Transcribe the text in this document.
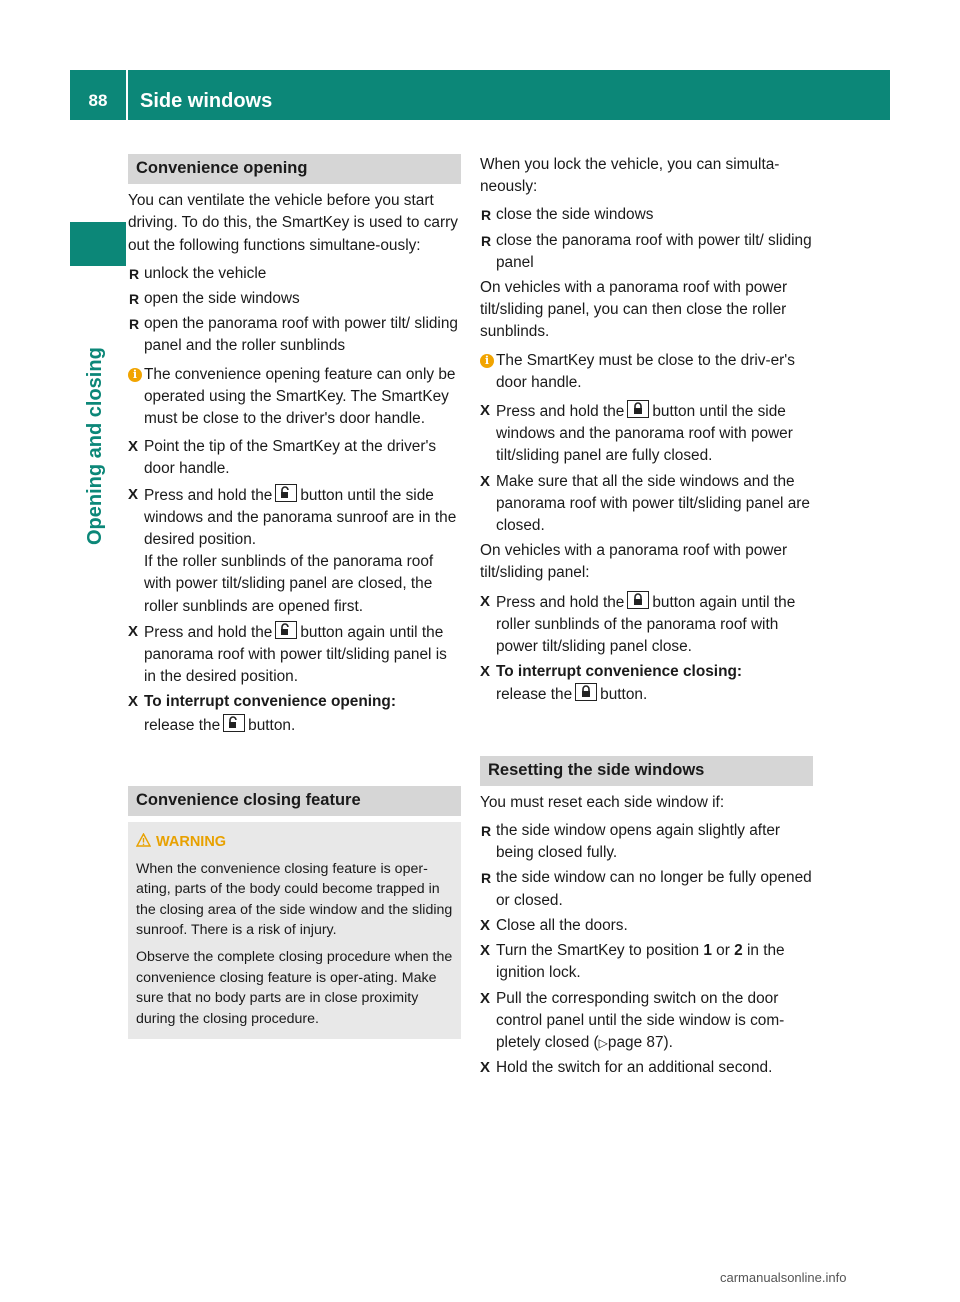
88	Side windows
Opening and closing
Convenience opening

You can ventilate the vehicle before you start driving. To do this, the SmartKey is used to carry out the following functions simultane-ously:

R unlock the vehicle
R open the side windows
R open the panorama roof with power tilt/ sliding panel and the roller sunblinds
i The convenience opening feature can only be operated using the SmartKey. The SmartKey must be close to the driver's door handle.
X Point the tip of the SmartKey at the driver's door handle.
X Press and hold the button until the side windows and the panorama sunroof are in the desired position.
If the roller sunblinds of the panorama roof with power tilt/sliding panel are closed, the roller sunblinds are opened first.
X Press and hold the button again until the panorama roof with power tilt/sliding panel is in the desired position.
X To interrupt convenience opening:
release the button.
Convenience closing feature
WARNING

When the convenience closing feature is oper-ating, parts of the body could become trapped in the closing area of the side window and the sliding sunroof. There is a risk of injury.

Observe the complete closing procedure when the convenience closing feature is oper-ating. Make sure that no body parts are in close proximity during the closing procedure.

When you lock the vehicle, you can simulta-neously:

R close the side windows
R close the panorama roof with power tilt/ sliding panel

On vehicles with a panorama roof with power tilt/sliding panel, you can then close the roller sunblinds.

i The SmartKey must be close to the driv-er's door handle.
X Press and hold the button until the side windows and the panorama roof with power tilt/sliding panel are fully closed.
X Make sure that all the side windows and the panorama roof with power tilt/sliding panel are closed.

On vehicles with a panorama roof with power tilt/sliding panel:

X Press and hold the button again until the roller sunblinds of the panorama roof with power tilt/sliding panel close.
X To interrupt convenience closing:
release the button.
Resetting the side windows

You must reset each side window if:

R the side window opens again slightly after being closed fully.
R the side window can no longer be fully opened or closed.
X Close all the doors.
X Turn the SmartKey to position 1 or 2 in the ignition lock.
X Pull the corresponding switch on the door control panel until the side window is com-pletely closed (▷page 87).
X Hold the switch for an additional second.
carmanualsonline.info
